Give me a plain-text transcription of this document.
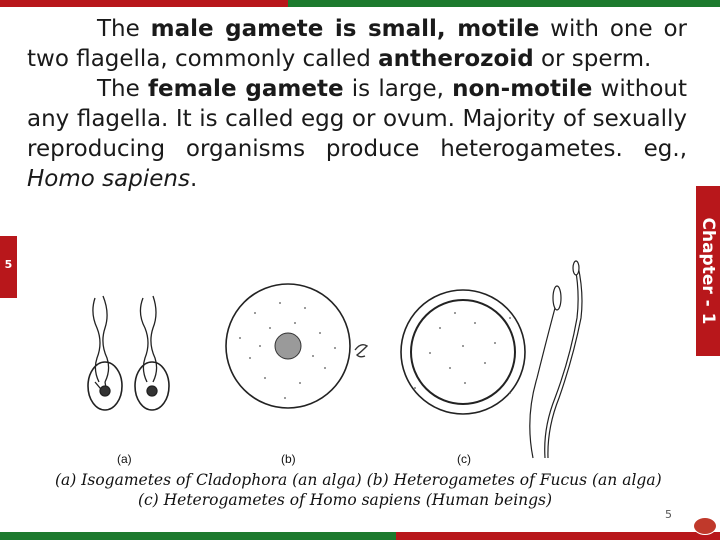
The male gamete is small, motile with one or two flagella, commonly called antherozoid or sperm.

The female gamete is large, non-motile without any flagella. It is called egg or ovum. Majority of sexually reproducing organisms produce heterogametes. eg., Homo sapiens.

Chapter - 1
5
(a)	(b)	(c)
(a) Isogametes of Cladophora (an alga) (b) Heterogametes of Fucus (an alga)
(c) Heterogametes of Homo sapiens (Human beings)
5
